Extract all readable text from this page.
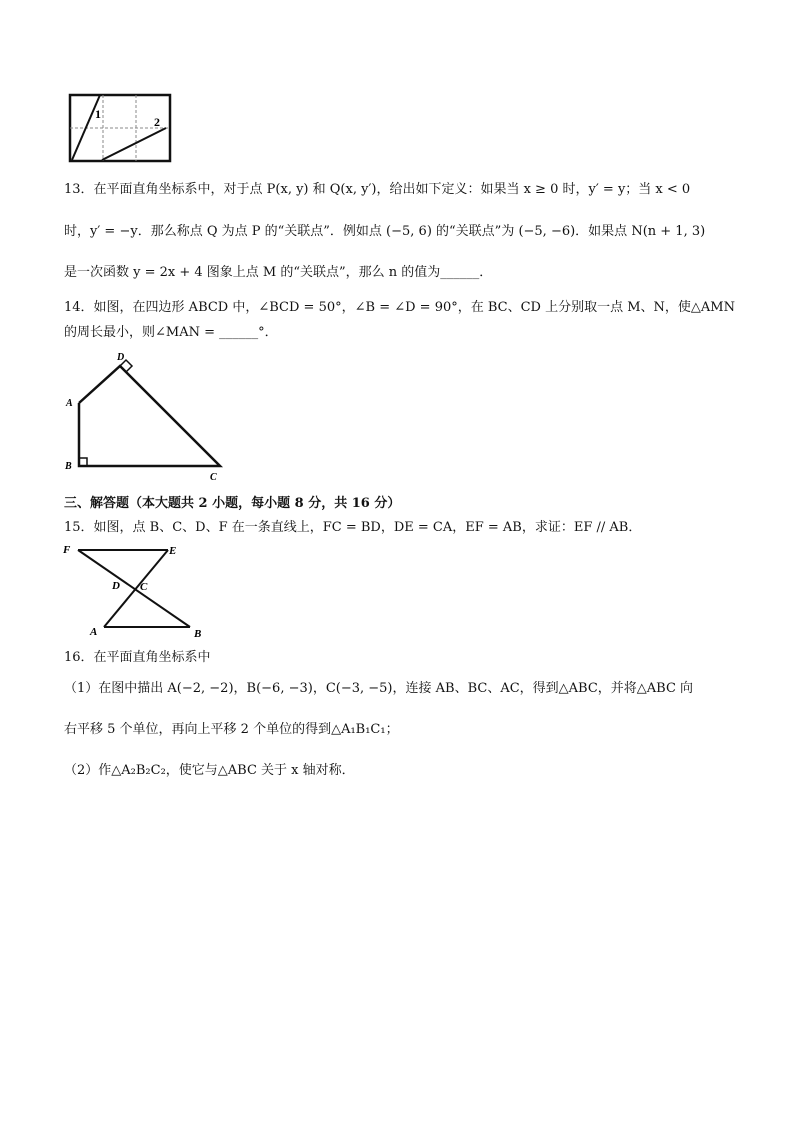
1
2
13．在平面直角坐标系中，对于点 P(x, y) 和 Q(x, y′)，给出如下定义：如果当 x ≥ 0 时，y′ = y；当 x < 0
时，y′ = −y．那么称点 Q 为点 P 的“关联点”．例如点 (−5, 6) 的“关联点”为 (−5, −6)．如果点 N(n + 1, 3)
是一次函数 y = 2x + 4 图象上点 M 的“关联点”，那么 n 的值为______．
14．如图，在四边形 ABCD 中，∠BCD = 50°，∠B = ∠D = 90°，在 BC、CD 上分别取一点 M、N，使△AMN
的周长最小，则∠MAN = ______°．
D
A
B
C
三、解答题（本大题共 2 小题，每小题 8 分，共 16 分）
15．如图，点 B、C、D、F 在一条直线上，FC = BD，DE = CA，EF = AB，求证：EF // AB．
F	E
D C
A	B
16．在平面直角坐标系中
（1）在图中描出 A(−2, −2)，B(−6, −3)，C(−3, −5)，连接 AB、BC、AC，得到△ABC，并将△ABC 向
右平移 5 个单位，再向上平移 2 个单位的得到△A₁B₁C₁；
（2）作△A₂B₂C₂，使它与△ABC 关于 x 轴对称．
